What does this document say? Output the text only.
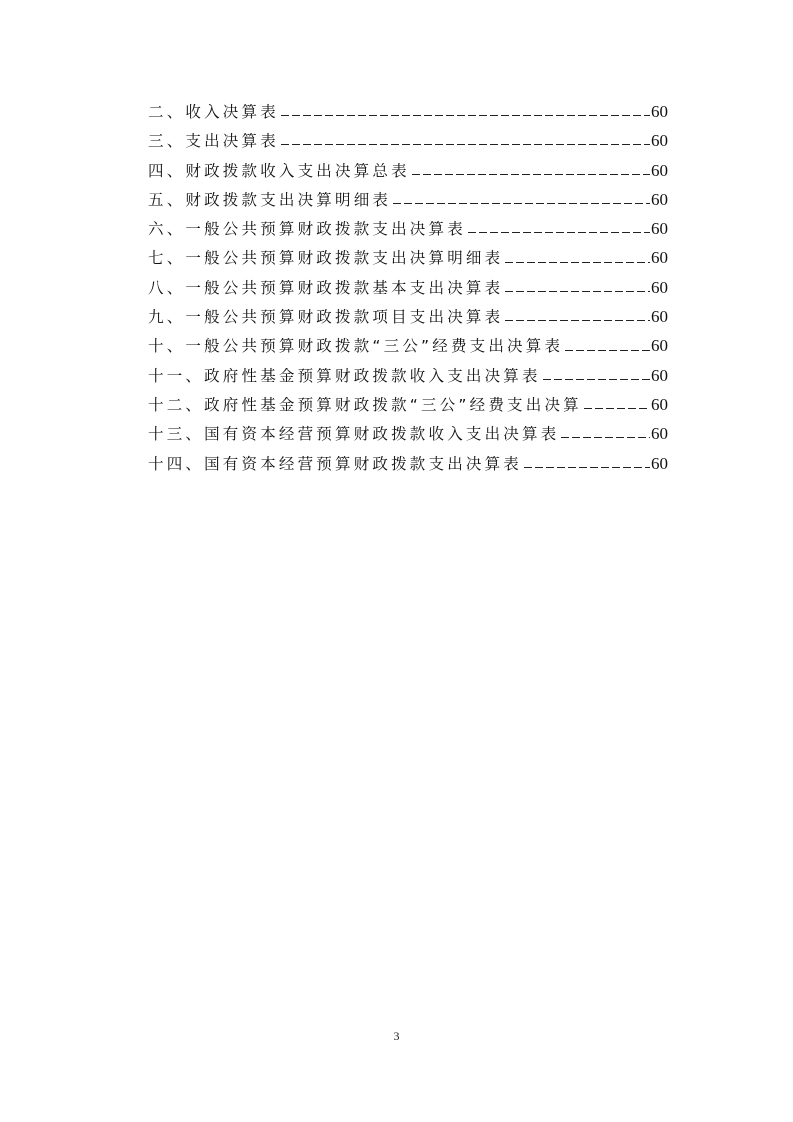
二、收入决算表	60
三、支出决算表	60
四、财政拨款收入支出决算总表	60
五、财政拨款支出决算明细表	60
六、一般公共预算财政拨款支出决算表	60
七、一般公共预算财政拨款支出决算明细表	60
八、一般公共预算财政拨款基本支出决算表	60
九、一般公共预算财政拨款项目支出决算表	60
十、一般公共预算财政拨款“三公”经费支出决算表	60
十一、政府性基金预算财政拨款收入支出决算表	60
十二、政府性基金预算财政拨款“三公”经费支出决算	60
十三、国有资本经营预算财政拨款收入支出决算表	60
十四、国有资本经营预算财政拨款支出决算表	60
3
